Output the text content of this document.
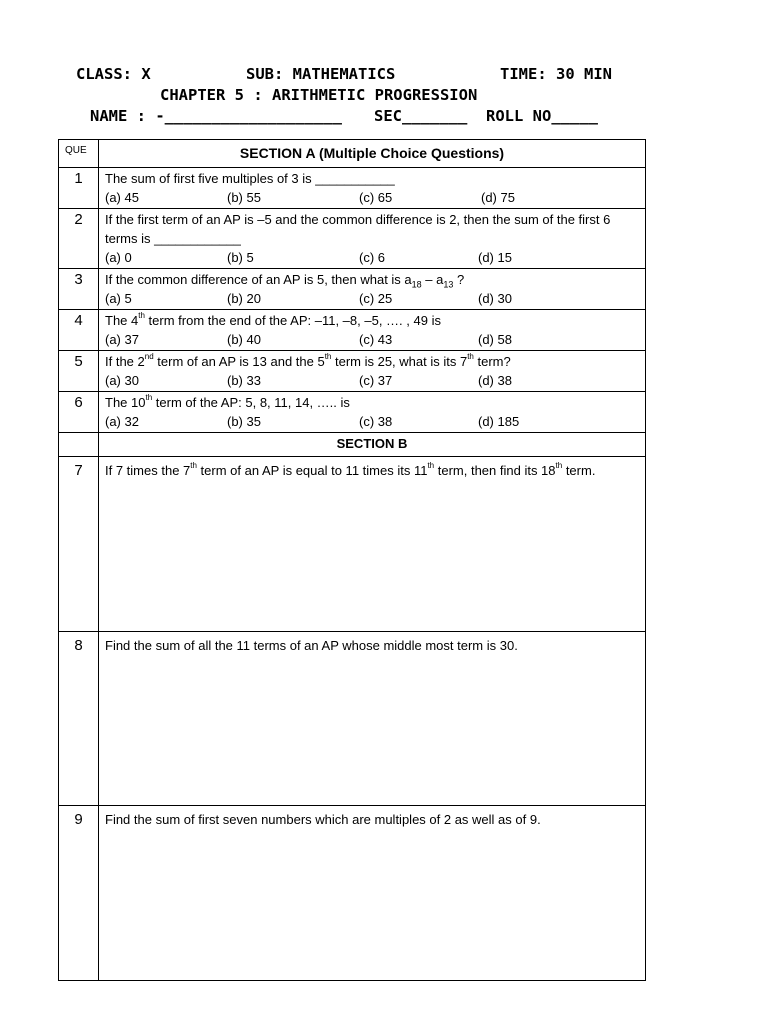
CLASS: X	SUB: MATHEMATICS	TIME: 30 MIN
CHAPTER 5 : ARITHMETIC PROGRESSION
NAME : -___________________ SEC_______ ROLL NO_____
QUE	SECTION A (Multiple Choice Questions)
1	The sum of first five multiples of 3 is ___________
(a) 45 (b) 55 (c) 65 (d) 75

2	If the first term of an AP is –5 and the common difference is 2, then the sum of the first 6 terms is ____________
(a) 0 (b) 5 (c) 6 (d) 15

3	If the common difference of an AP is 5, then what is $a_{18} - a_{13}$ ?
(a) 5 (b) 20 (c) 25 (d) 30

4	The 4th term from the end of the AP: –11, –8, –5, …. , 49 is
(a) 37 (b) 40 (c) 43 (d) 58

5	If the 2nd term of an AP is 13 and the 5th term is 25, what is its 7th term?
(a) 30 (b) 33 (c) 37 (d) 38

6	The 10th term of the AP: 5, 8, 11, 14, ….. is
(a) 32 (b) 35 (c) 38 (d) 185

	SECTION B
7	If 7 times the 7th term of an AP is equal to 11 times its 11th term, then find its 18th term.

8	Find the sum of all the 11 terms of an AP whose middle most term is 30.

9	Find the sum of first seven numbers which are multiples of 2 as well as of 9.
